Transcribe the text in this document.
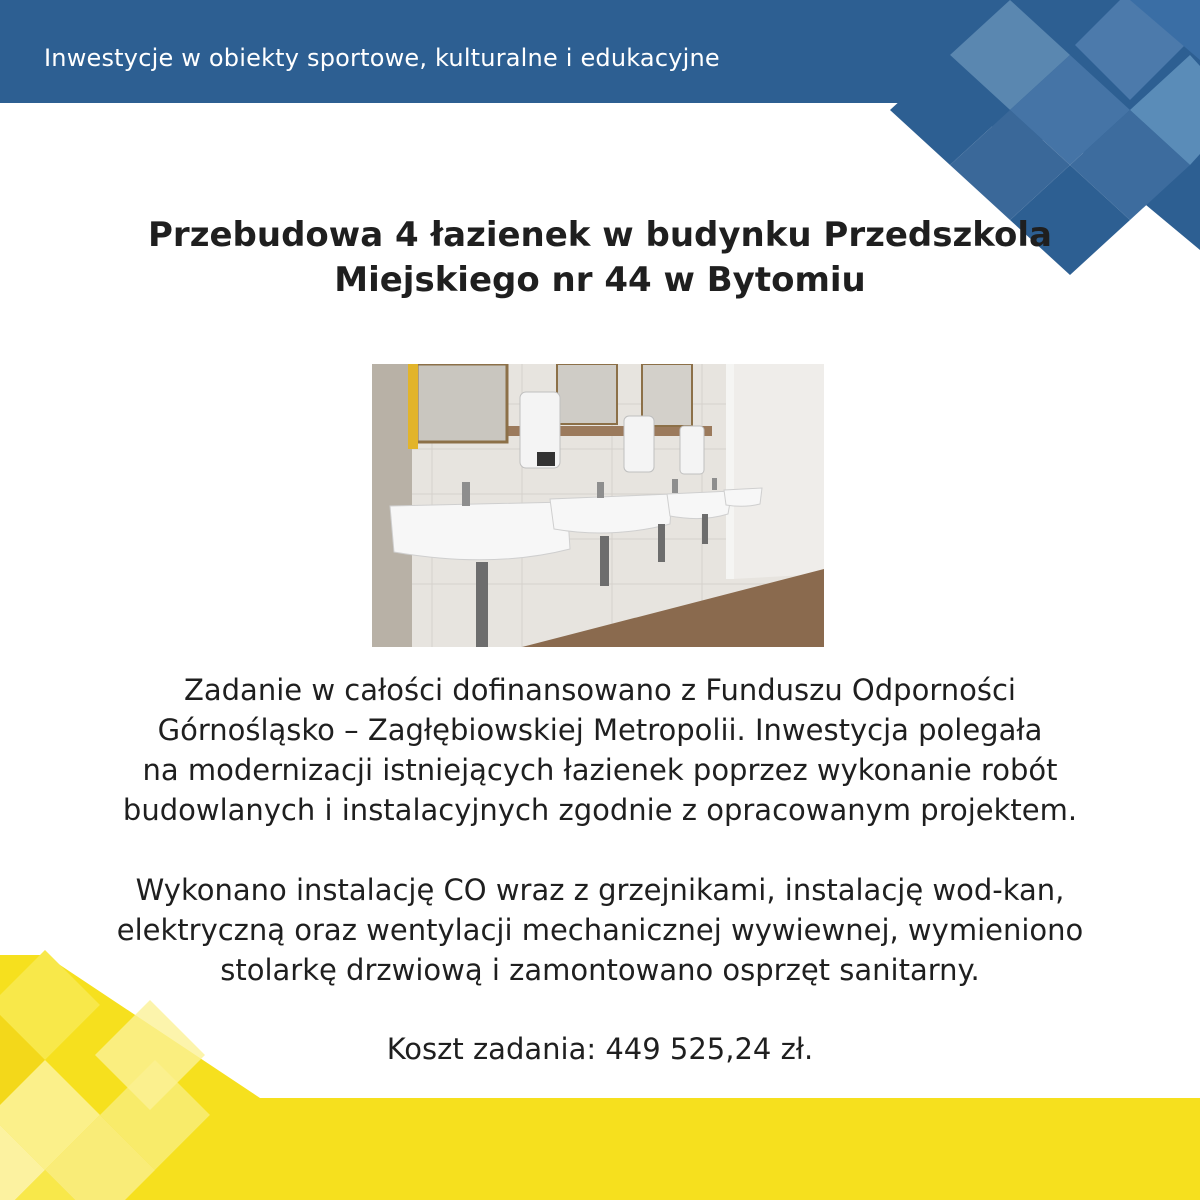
Inwestycje w obiekty sportowe, kulturalne i edukacyjne
Przebudowa 4 łazienek w budynku Przedszkola
Miejskiego nr 44 w Bytomiu

Zadanie w całości dofinansowano z Funduszu Odporności
Górnośląsko – Zagłębiowskiej Metropolii. Inwestycja polegała
na modernizacji istniejących łazienek poprzez wykonanie robót
budowlanych i instalacyjnych zgodnie z opracowanym projektem.

Wykonano instalację CO wraz z grzejnikami, instalację wod-kan,
elektryczną oraz wentylacji mechanicznej wywiewnej, wymieniono
stolarkę drzwiową i zamontowano osprzęt sanitarny.

Koszt zadania: 449 525,24 zł.
